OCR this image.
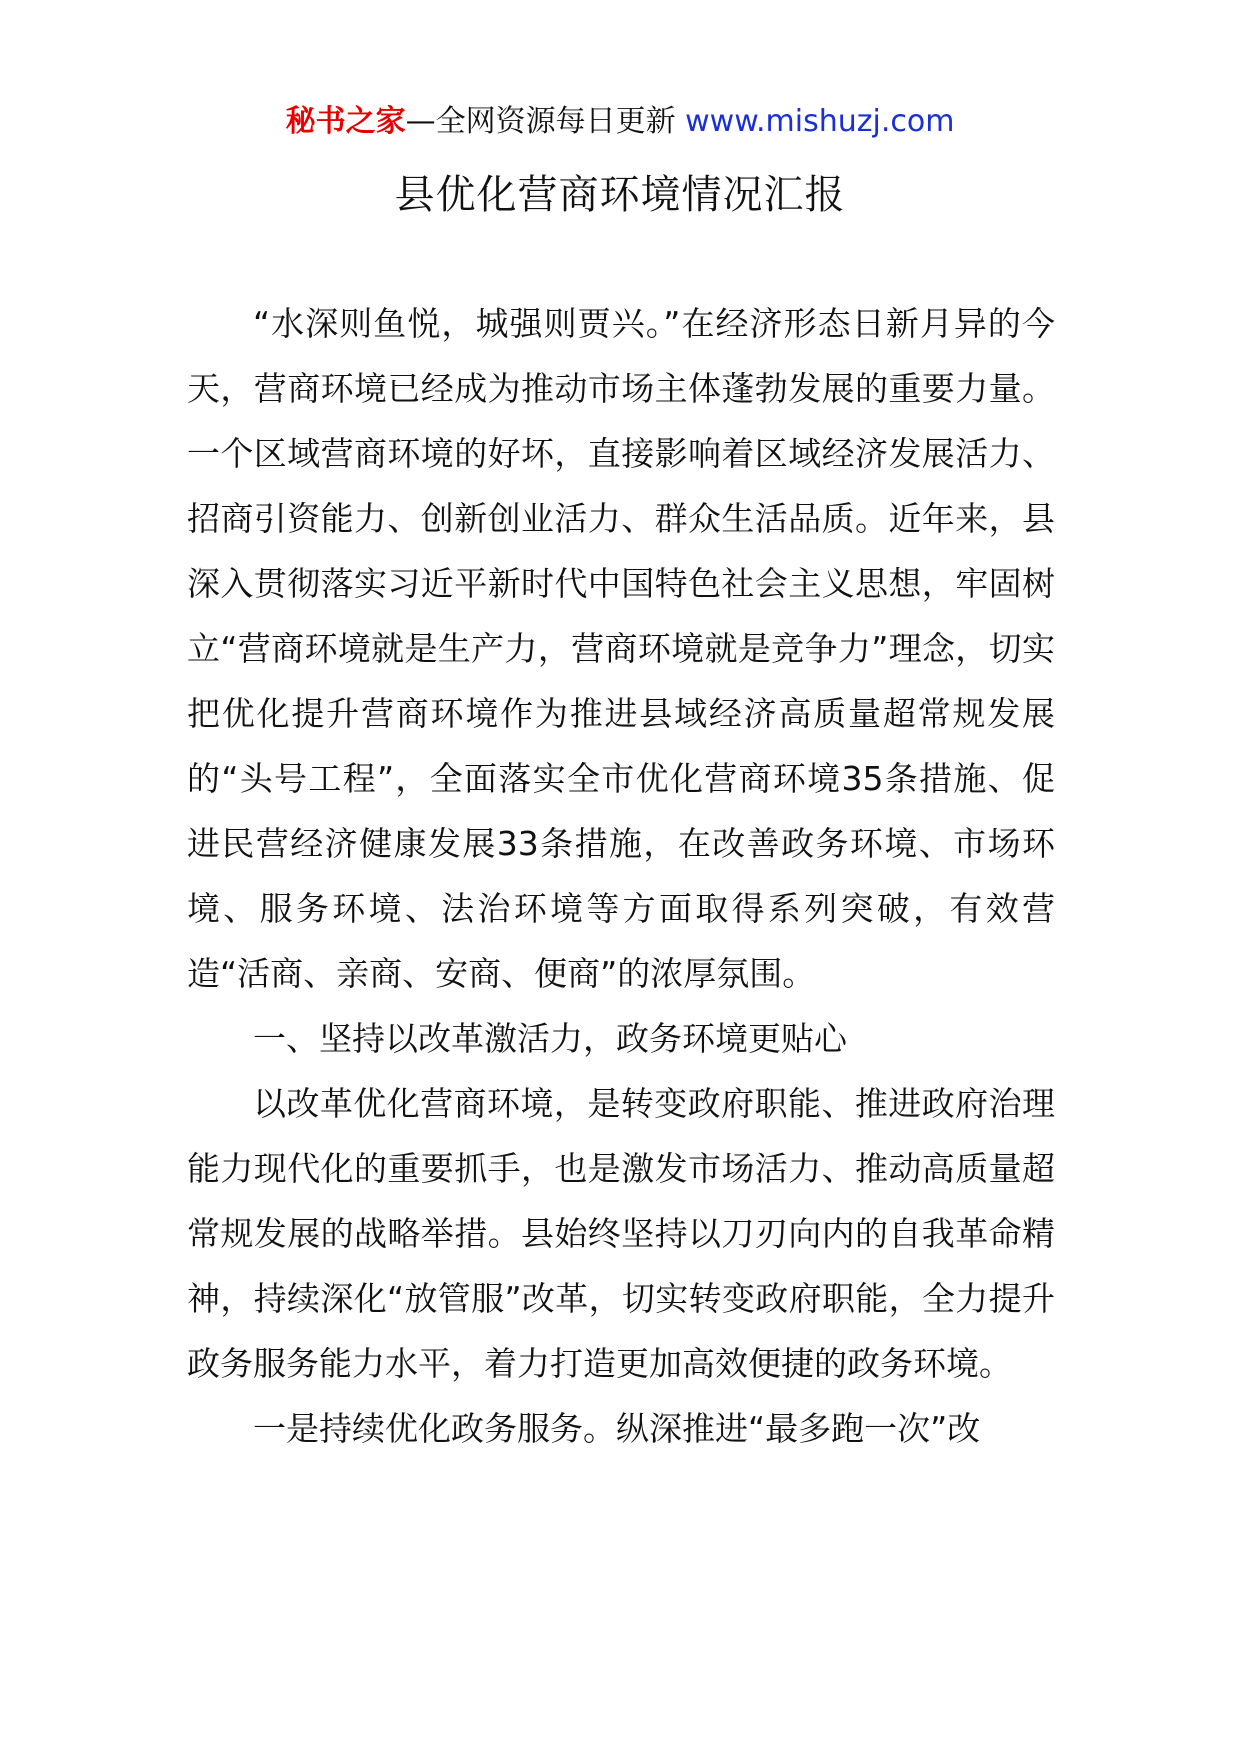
秘书之家—全网资源每日更新 www.mishuzj.com
县优化营商环境情况汇报

“水深则鱼悦，城强则贾兴。”在经济形态日新月异的今天，营商环境已经成为推动市场主体蓬勃发展的重要力量。一个区域营商环境的好坏，直接影响着区域经济发展活力、招商引资能力、创新创业活力、群众生活品质。近年来，县深入贯彻落实习近平新时代中国特色社会主义思想，牢固树立“营商环境就是生产力，营商环境就是竞争力”理念，切实把优化提升营商环境作为推进县域经济高质量超常规发展的“头号工程”，全面落实全市优化营商环境35条措施、促进民营经济健康发展33条措施，在改善政务环境、市场环境、服务环境、法治环境等方面取得系列突破，有效营造“活商、亲商、安商、便商”的浓厚氛围。

一、坚持以改革激活力，政务环境更贴心

以改革优化营商环境，是转变政府职能、推进政府治理能力现代化的重要抓手，也是激发市场活力、推动高质量超常规发展的战略举措。县始终坚持以刀刃向内的自我革命精神，持续深化“放管服”改革，切实转变政府职能，全力提升政务服务能力水平，着力打造更加高效便捷的政务环境。

一是持续优化政务服务。纵深推进“最多跑一次”改
